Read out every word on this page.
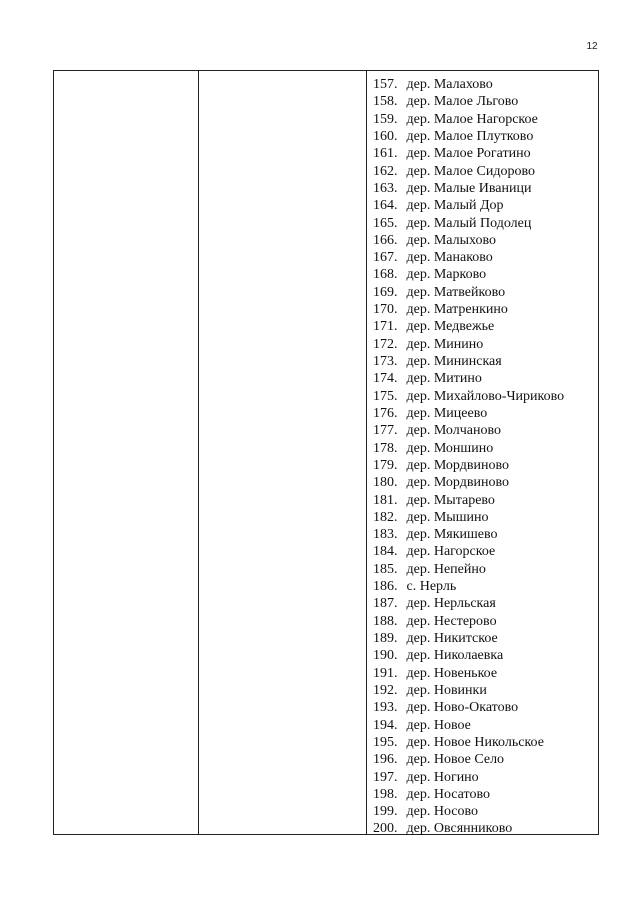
12
157. дер. Малахово
158. дер. Малое Льгово
159. дер. Малое Нагорское
160. дер. Малое Плутково
161. дер. Малое Рогатино
162. дер. Малое Сидорово
163. дер. Малые Иваници
164. дер. Малый Дор
165. дер. Малый Подолец
166. дер. Малыхово
167. дер. Манаково
168. дер. Марково
169. дер. Матвейково
170. дер. Матренкино
171. дер. Медвежье
172. дер. Минино
173. дер. Мининская
174. дер. Митино
175. дер. Михайлово-Чириково
176. дер. Мицеево
177. дер. Молчаново
178. дер. Моншино
179. дер. Мордвиново
180. дер. Мордвиново
181. дер. Мытарево
182. дер. Мышино
183. дер. Мякишево
184. дер. Нагорское
185. дер. Непейно
186. с. Нерль
187. дер. Нерльская
188. дер. Нестерово
189. дер. Никитское
190. дер. Николаевка
191. дер. Новенькое
192. дер. Новинки
193. дер. Ново-Окатово
194. дер. Новое
195. дер. Новое Никольское
196. дер. Новое Село
197. дер. Ногино
198. дер. Носатово
199. дер. Носово
200. дер. Овсянниково
